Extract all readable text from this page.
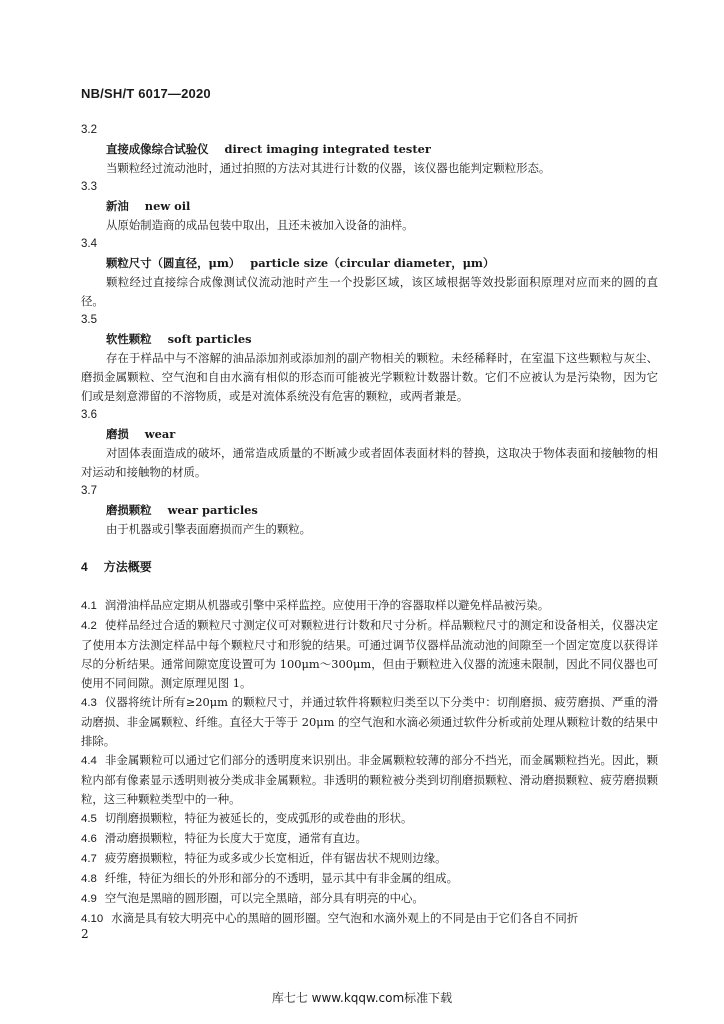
NB/SH/T 6017—2020
3.2
直接成像综合试验仪 direct imaging integrated tester
当颗粒经过流动池时，通过拍照的方法对其进行计数的仪器，该仪器也能判定颗粒形态。
3.3
新油 new oil
从原始制造商的成品包装中取出，且还未被加入设备的油样。
3.4
颗粒尺寸（圆直径，μm） particle size（circular diameter，μm）
颗粒经过直接综合成像测试仪流动池时产生一个投影区域，该区域根据等效投影面积原理对应而来的圆的直径。
3.5
软性颗粒 soft particles
存在于样品中与不溶解的油品添加剂或添加剂的副产物相关的颗粒。未经稀释时，在室温下这些颗粒与灰尘、磨损金属颗粒、空气泡和自由水滴有相似的形态而可能被光学颗粒计数器计数。它们不应被认为是污染物，因为它们或是刻意滞留的不溶物质，或是对流体系统没有危害的颗粒，或两者兼是。
3.6
磨损 wear
对固体表面造成的破坏，通常造成质量的不断减少或者固体表面材料的替换，这取决于物体表面和接触物的相对运动和接触物的材质。
3.7
磨损颗粒 wear particles
由于机器或引擎表面磨损而产生的颗粒。
4 方法概要
4.1 润滑油样品应定期从机器或引擎中采样监控。应使用干净的容器取样以避免样品被污染。
4.2 使样品经过合适的颗粒尺寸测定仪可对颗粒进行计数和尺寸分析。样品颗粒尺寸的测定和设备相关，仪器决定了使用本方法测定样品中每个颗粒尺寸和形貌的结果。可通过调节仪器样品流动池的间隙至一个固定宽度以获得详尽的分析结果。通常间隙宽度设置可为 100μm～300μm，但由于颗粒进入仪器的流速未限制，因此不同仪器也可使用不同间隙。测定原理见图 1。
4.3 仪器将统计所有≥20μm 的颗粒尺寸，并通过软件将颗粒归类至以下分类中：切削磨损、疲劳磨损、严重的滑动磨损、非金属颗粒、纤维。直径大于等于 20μm 的空气泡和水滴必须通过软件分析或前处理从颗粒计数的结果中排除。
4.4 非金属颗粒可以通过它们部分的透明度来识别出。非金属颗粒较薄的部分不挡光，而金属颗粒挡光。因此，颗粒内部有像素显示透明则被分类成非金属颗粒。非透明的颗粒被分类到切削磨损颗粒、滑动磨损颗粒、疲劳磨损颗粒，这三种颗粒类型中的一种。
4.5 切削磨损颗粒，特征为被延长的，变成弧形的或卷曲的形状。
4.6 滑动磨损颗粒，特征为长度大于宽度，通常有直边。
4.7 疲劳磨损颗粒，特征为或多或少长宽相近，伴有锯齿状不规则边缘。
4.8 纤维，特征为细长的外形和部分的不透明，显示其中有非金属的组成。
4.9 空气泡是黑暗的圆形圈，可以完全黑暗，部分具有明亮的中心。
4.10 水滴是具有较大明亮中心的黑暗的圆形圈。空气泡和水滴外观上的不同是由于它们各自不同折
2
库七七 www.kqqw.com标准下载
